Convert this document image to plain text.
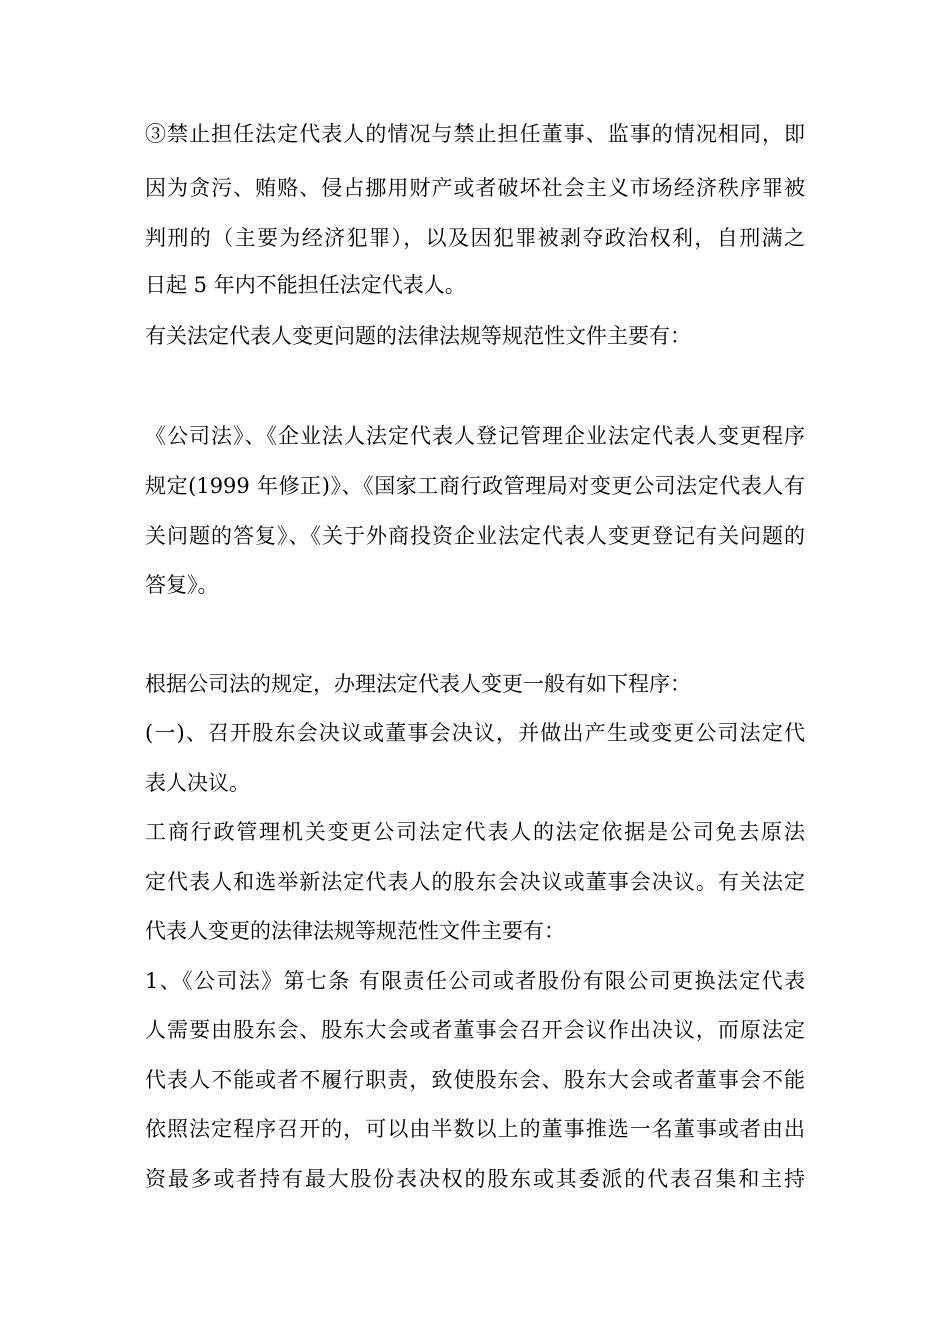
③禁止担任法定代表人的情况与禁止担任董事、监事的情况相同，即
因为贪污、贿赂、侵占挪用财产或者破坏社会主义市场经济秩序罪被
判刑的（主要为经济犯罪），以及因犯罪被剥夺政治权利，自刑满之
日起 5 年内不能担任法定代表人。
有关法定代表人变更问题的法律法规等规范性文件主要有：
《公司法》、《企业法人法定代表人登记管理企业法定代表人变更程序
规定(1999 年修正)》、《国家工商行政管理局对变更公司法定代表人有
关问题的答复》、《关于外商投资企业法定代表人变更登记有关问题的
答复》。
根据公司法的规定，办理法定代表人变更一般有如下程序：
(一)、召开股东会决议或董事会决议，并做出产生或变更公司法定代
表人决议。
工商行政管理机关变更公司法定代表人的法定依据是公司免去原法
定代表人和选举新法定代表人的股东会决议或董事会决议。有关法定
代表人变更的法律法规等规范性文件主要有：
1、《公司法》第七条 有限责任公司或者股份有限公司更换法定代表
人需要由股东会、股东大会或者董事会召开会议作出决议，而原法定
代表人不能或者不履行职责，致使股东会、股东大会或者董事会不能
依照法定程序召开的，可以由半数以上的董事推选一名董事或者由出
资最多或者持有最大股份表决权的股东或其委派的代表召集和主持
